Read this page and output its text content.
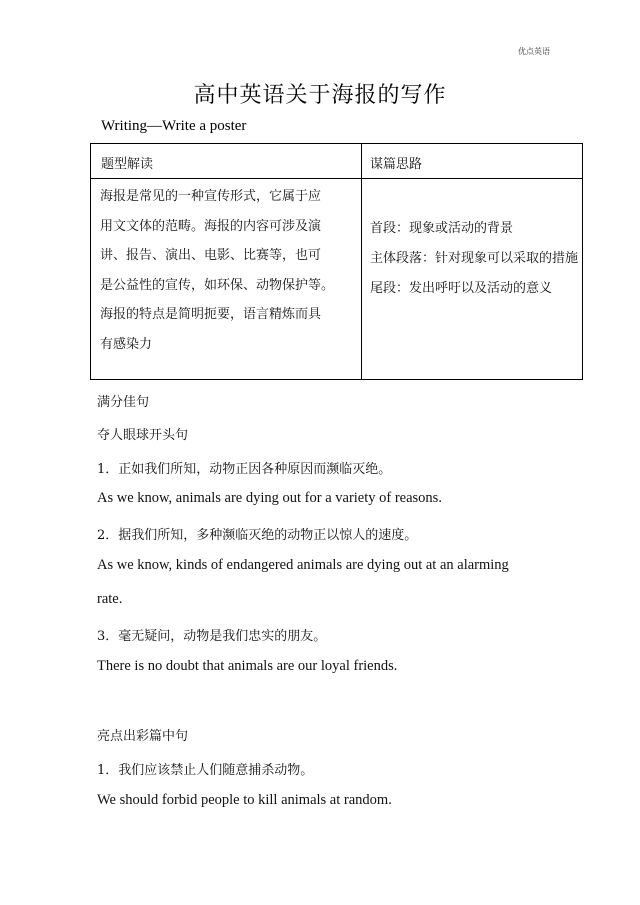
优点英语
高中英语关于海报的写作
Writing—Write a poster
题型解读	谋篇思路
海报是常见的一种宣传形式，它属于应
用文文体的范畴。海报的内容可涉及演
讲、报告、演出、电影、比赛等，也可
是公益性的宣传，如环保、动物保护等。
海报的特点是简明扼要，语言精炼而具
有感染力
首段：现象或活动的背景
主体段落：针对现象可以采取的措施
尾段：发出呼吁以及活动的意义
满分佳句
夺人眼球开头句
1．正如我们所知，动物正因各种原因而濒临灭绝。
As we know, animals are dying out for a variety of reasons.
2．据我们所知，多种濒临灭绝的动物正以惊人的速度。
As we know, kinds of endangered animals are dying out at an alarming
rate.
3．毫无疑问，动物是我们忠实的朋友。
There is no doubt that animals are our loyal friends.
亮点出彩篇中句
1．我们应该禁止人们随意捕杀动物。
We should forbid people to kill animals at random.
